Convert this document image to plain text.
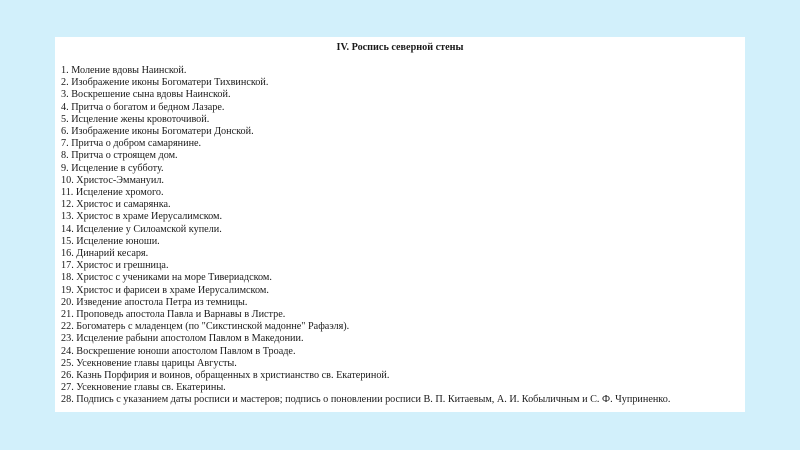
IV. Роспись северной стены
1. Моление вдовы Наинской.
2. Изображение иконы Богоматери Тихвинской.
3. Воскрешение сына вдовы Наинской.
4. Притча о богатом и бедном Лазаре.
5. Исцеление жены кровоточивой.
6. Изображение иконы Богоматери Донской.
7. Притча о добром самарянине.
8. Притча о строящем дом.
9. Исцеление в субботу.
10. Христос-Эммануил.
11. Исцеление хромого.
12. Христос и самарянка.
13. Христос в храме Иерусалимском.
14. Исцеление у Силоамской купели.
15. Исцеление юноши.
16. Динарий кесаря.
17. Христос и грешница.
18. Христос с учениками на море Тивериадском.
19. Христос и фарисеи в храме Иерусалимском.
20. Изведение апостола Петра из темницы.
21. Проповедь апостола Павла и Варнавы в Листре.
22. Богоматерь с младенцем (по "Сикстинской мадонне" Рафаэля).
23. Исцеление рабыни апостолом Павлом в Македонии.
24. Воскрешение юноши апостолом Павлом в Троаде.
25. Усекновение главы царицы Августы.
26. Казнь Порфирия и воинов, обращенных в христианство св. Екатериной.
27. Усекновение главы св. Екатерины.
28. Подпись с указанием даты росписи и мастеров; подпись о поновлении росписи В. П. Китаевым, А. И. Кобыличным и С. Ф. Чуприненко.
